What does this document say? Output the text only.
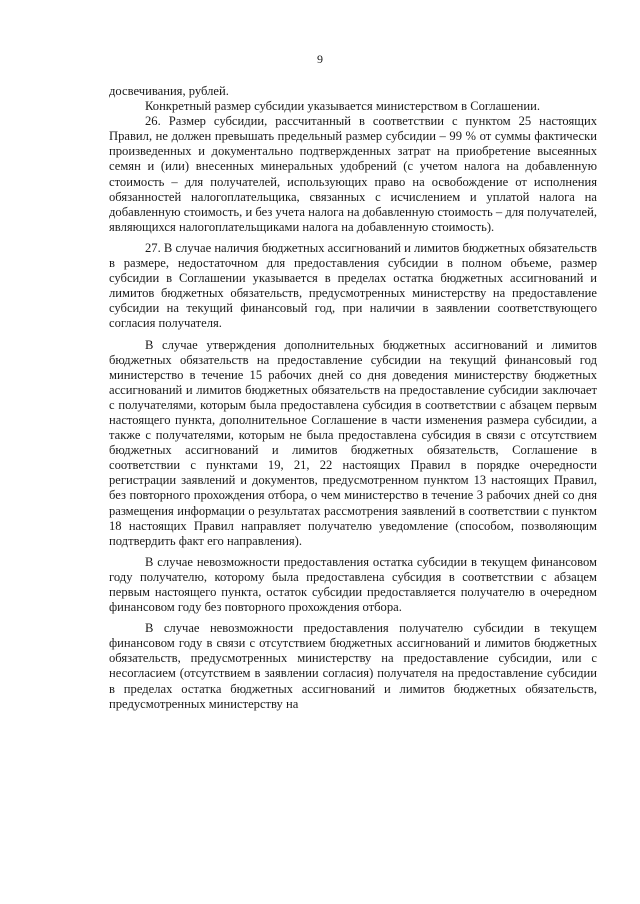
9

досвечивания, рублей.

Конкретный размер субсидии указывается министерством в Соглашении.

26. Размер субсидии, рассчитанный в соответствии с пунктом 25 настоящих Правил, не должен превышать предельный размер субсидии – 99 % от суммы фактически произведенных и документально подтвержденных затрат на приобретение высеянных семян и (или) внесенных минеральных удобрений (с учетом налога на добавленную стоимость – для получателей, использующих право на освобождение от исполнения обязанностей налогоплательщика, связанных с исчислением и уплатой налога на добавленную стоимость, и без учета налога на добавленную стоимость – для получателей, являющихся налогоплательщиками налога на добавленную стоимость).

27. В случае наличия бюджетных ассигнований и лимитов бюджетных обязательств в размере, недостаточном для предоставления субсидии в полном объеме, размер субсидии в Соглашении указывается в пределах остатка бюджетных ассигнований и лимитов бюджетных обязательств, предусмотренных министерству на предоставление субсидии на текущий финансовый год, при наличии в заявлении соответствующего согласия получателя.

В случае утверждения дополнительных бюджетных ассигнований и лимитов бюджетных обязательств на предоставление субсидии на текущий финансовый год министерство в течение 15 рабочих дней со дня доведения министерству бюджетных ассигнований и лимитов бюджетных обязательств на предоставление субсидии заключает с получателями, которым была предоставлена субсидия в соответствии с абзацем первым настоящего пункта, дополнительное Соглашение в части изменения размера субсидии, а также с получателями, которым не была предоставлена субсидия в связи с отсутствием бюджетных ассигнований и лимитов бюджетных обязательств, Соглашение в соответствии с пунктами 19, 21, 22 настоящих Правил в порядке очередности регистрации заявлений и документов, предусмотренном пунктом 13 настоящих Правил, без повторного прохождения отбора, о чем министерство в течение 3 рабочих дней со дня размещения информации о результатах рассмотрения заявлений в соответствии с пунктом 18 настоящих Правил направляет получателю уведомление (способом, позволяющим подтвердить факт его направления).

В случае невозможности предоставления остатка субсидии в текущем финансовом году получателю, которому была предоставлена субсидия в соответствии с абзацем первым настоящего пункта, остаток субсидии предоставляется получателю в очередном финансовом году без повторного прохождения отбора.

В случае невозможности предоставления получателю субсидии в текущем финансовом году в связи с отсутствием бюджетных ассигнований и лимитов бюджетных обязательств, предусмотренных министерству на предоставление субсидии, или с несогласием (отсутствием в заявлении согласия) получателя на предоставление субсидии в пределах остатка бюджетных ассигнований и лимитов бюджетных обязательств, предусмотренных министерству на
